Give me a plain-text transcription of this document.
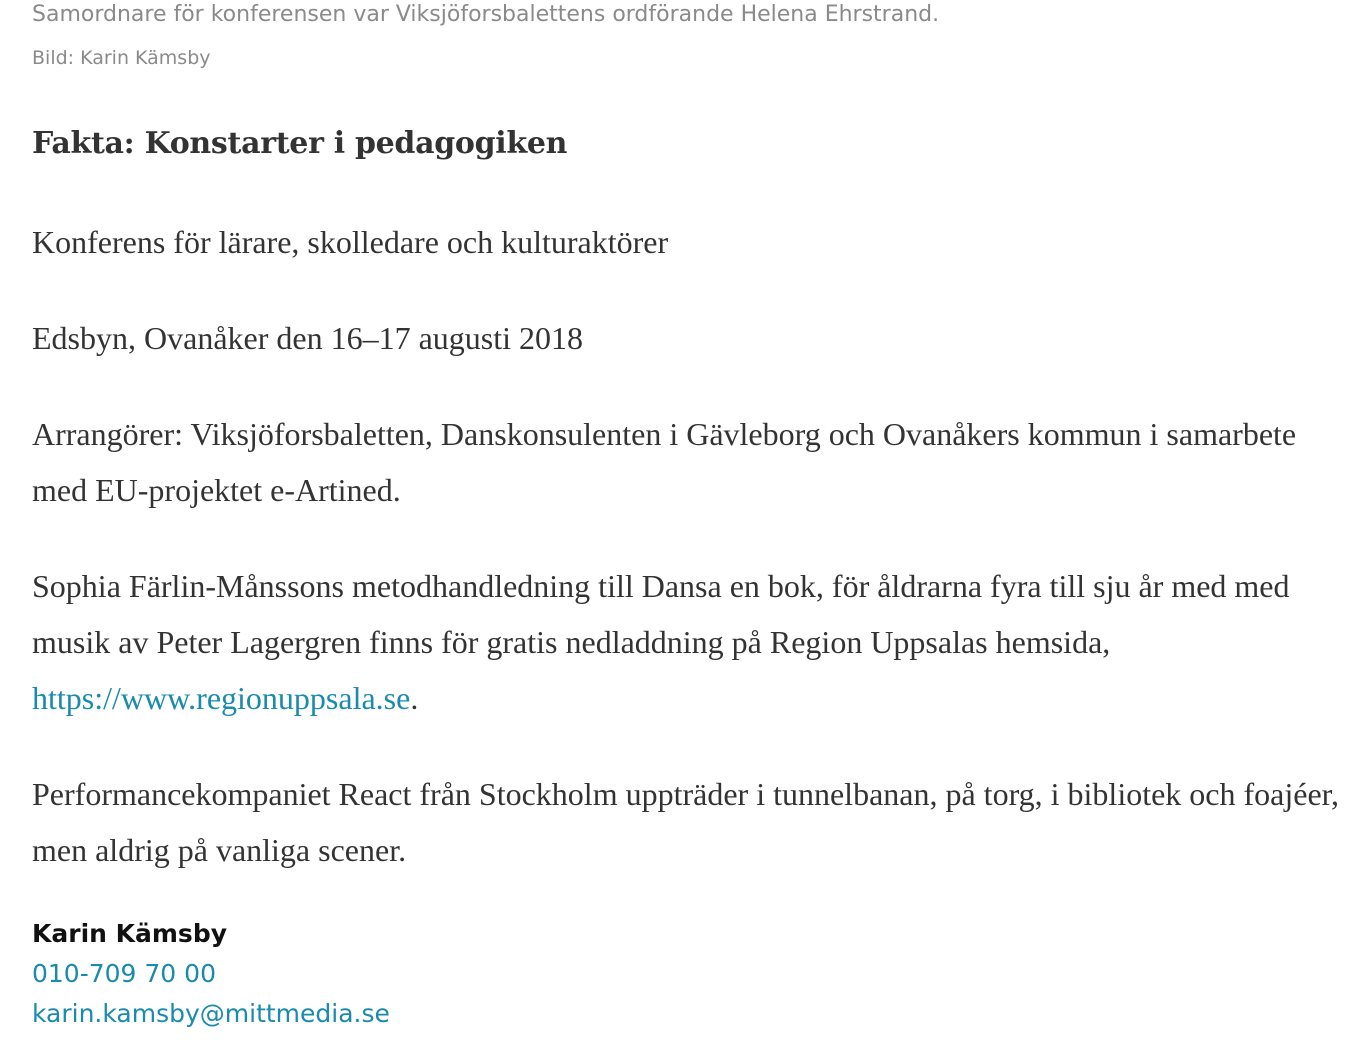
Samordnare för konferensen var Viksjöforsbalettens ordförande Helena Ehrstrand.

Bild: Karin Kämsby

Fakta: Konstarter i pedagogiken

Konferens för lärare, skolledare och kulturaktörer

Edsbyn, Ovanåker den 16–17 augusti 2018

Arrangörer: Viksjöforsbaletten, Danskonsulenten i Gävleborg och Ovanåkers kommun i samarbete med EU-projektet e-Artined.

Sophia Färlin-Månssons metodhandledning till Dansa en bok, för åldrarna fyra till sju år med med musik av Peter Lagergren finns för gratis nedladdning på Region Uppsalas hemsida, https://www.regionuppsala.se.

Performancekompaniet React från Stockholm uppträder i tunnelbanan, på torg, i bibliotek och foajéer, men aldrig på vanliga scener.

Karin Kämsby
010-709 70 00
karin.kamsby@mittmedia.se
